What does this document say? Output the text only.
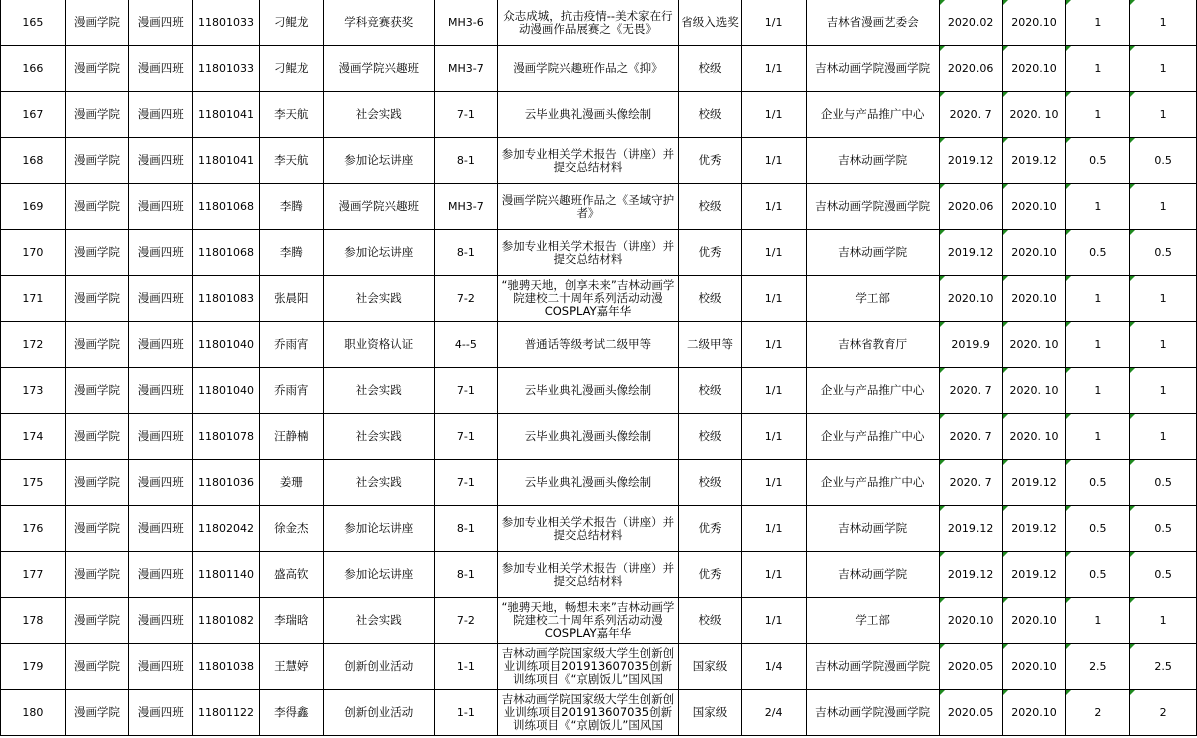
165	漫画学院	漫画四班	11801033	刁鲲龙	学科竞赛获奖	MH3-6	众志成城，抗击疫情--美术家在行动漫画作品展赛之《无畏》	省级入选奖	1/1	吉林省漫画艺委会	2020.02	2020.10	1	1
166	漫画学院	漫画四班	11801033	刁鲲龙	漫画学院兴趣班	MH3-7	漫画学院兴趣班作品之《抑》	校级	1/1	吉林动画学院漫画学院	2020.06	2020.10	1	1
167	漫画学院	漫画四班	11801041	李天航	社会实践	7-1	云毕业典礼漫画头像绘制	校级	1/1	企业与产品推广中心	2020. 7	2020. 10	1	1
168	漫画学院	漫画四班	11801041	李天航	参加论坛讲座	8-1	参加专业相关学术报告（讲座）并提交总结材料	优秀	1/1	吉林动画学院	2019.12	2019.12	0.5	0.5
169	漫画学院	漫画四班	11801068	李腾	漫画学院兴趣班	MH3-7	漫画学院兴趣班作品之《圣域守护者》	校级	1/1	吉林动画学院漫画学院	2020.06	2020.10	1	1
170	漫画学院	漫画四班	11801068	李腾	参加论坛讲座	8-1	参加专业相关学术报告（讲座）并提交总结材料	优秀	1/1	吉林动画学院	2019.12	2020.10	0.5	0.5
171	漫画学院	漫画四班	11801083	张晨阳	社会实践	7-2	“驰骋天地，创享未来”吉林动画学院建校二十周年系列活动动漫COSPLAY嘉年华	校级	1/1	学工部	2020.10	2020.10	1	1
172	漫画学院	漫画四班	11801040	乔雨宵	职业资格认证	4--5	普通话等级考试二级甲等	二级甲等	1/1	吉林省教育厅	2019.9	2020. 10	1	1
173	漫画学院	漫画四班	11801040	乔雨宵	社会实践	7-1	云毕业典礼漫画头像绘制	校级	1/1	企业与产品推广中心	2020. 7	2020. 10	1	1
174	漫画学院	漫画四班	11801078	汪静楠	社会实践	7-1	云毕业典礼漫画头像绘制	校级	1/1	企业与产品推广中心	2020. 7	2020. 10	1	1
175	漫画学院	漫画四班	11801036	姜珊	社会实践	7-1	云毕业典礼漫画头像绘制	校级	1/1	企业与产品推广中心	2020. 7	2019.12	0.5	0.5
176	漫画学院	漫画四班	11802042	徐金杰	参加论坛讲座	8-1	参加专业相关学术报告（讲座）并提交总结材料	优秀	1/1	吉林动画学院	2019.12	2019.12	0.5	0.5
177	漫画学院	漫画四班	11801140	盛高钦	参加论坛讲座	8-1	参加专业相关学术报告（讲座）并提交总结材料	优秀	1/1	吉林动画学院	2019.12	2019.12	0.5	0.5
178	漫画学院	漫画四班	11801082	李瑞晗	社会实践	7-2	“驰骋天地，畅想未来”吉林动画学院建校二十周年系列活动动漫COSPLAY嘉年华	校级	1/1	学工部	2020.10	2020.10	1	1
179	漫画学院	漫画四班	11801038	王慧婷	创新创业活动	1-1	吉林动画学院国家级大学生创新创业训练项目201913607035创新训练项目《“京剧饭儿”国风国	国家级	1/4	吉林动画学院漫画学院	2020.05	2020.10	2.5	2.5
180	漫画学院	漫画四班	11801122	李得鑫	创新创业活动	1-1	吉林动画学院国家级大学生创新创业训练项目201913607035创新训练项目《“京剧饭儿”国风国	国家级	2/4	吉林动画学院漫画学院	2020.05	2020.10	2	2
